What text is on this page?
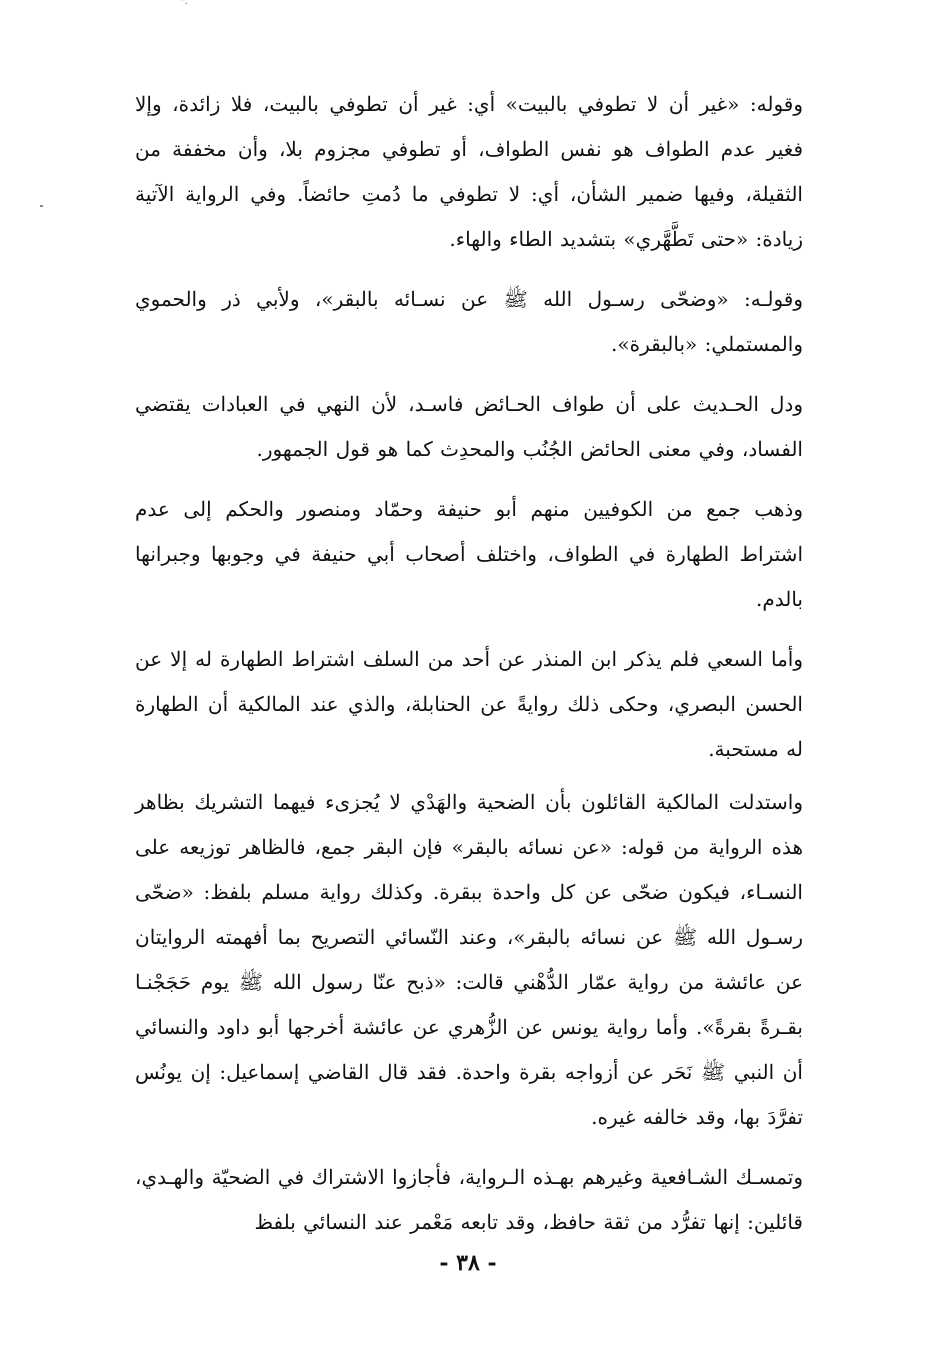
·˙

وقوله: «غير أن لا تطوفي بالبيت» أي: غير أن تطوفي بالبيت، فلا زائدة، وإلا فغير عدم الطواف هو نفس الطواف، أو تطوفي مجزوم بلا، وأن مخففة من الثقيلة، وفيها ضمير الشأن، أي: لا تطوفي ما دُمتِ حائضاً. وفي الرواية الآتية زيادة: «حتى تَطَّهَّري» بتشديد الطاء والهاء.

وقولـه: «وضحّى رسـول الله ﷺ عن نسـائه بالبقر»، ولأبي ذر والحموي والمستملي: «بالبقرة».

ودل الحـديث على أن طواف الحـائض فاسـد، لأن النهي في العبادات يقتضي الفساد، وفي معنى الحائض الجُنُب والمحدِث كما هو قول الجمهور.

وذهب جمع من الكوفيين منهم أبو حنيفة وحمّاد ومنصور والحكم إلى عدم اشتراط الطهارة في الطواف، واختلف أصحاب أبي حنيفة في وجوبها وجبرانها بالدم.

وأما السعي فلم يذكر ابن المنذر عن أحد من السلف اشتراط الطهارة له إلا عن الحسن البصري، وحكى ذلك روايةً عن الحنابلة، والذي عند المالكية أن الطهارة له مستحبة.

واستدلت المالكية القائلون بأن الضحية والهَدْي لا يُجزىء فيهما التشريك بظاهر هذه الرواية من قوله: «عن نسائه بالبقر» فإن البقر جمع، فالظاهر توزيعه على النسـاء، فيكون ضحّى عن كل واحدة ببقرة. وكذلك رواية مسلم بلفظ: «ضحّى رسـول الله ﷺ عن نسائه بالبقر»، وعند النّسائي التصريح بما أفهمته الروايتان عن عائشة من رواية عمّار الدُّهْني قالت: «ذبح عنّا رسول الله ﷺ يوم حَجَجْنـا بقـرةً بقرةً». وأما رواية يونس عن الزُّهري عن عائشة أخرجها أبو داود والنسائي أن النبي ﷺ نَحَر عن أزواجه بقرة واحدة. فقد قال القاضي إسماعيل: إن يونُس تفرَّدَ بها، وقد خالفه غيره.

وتمسـك الشـافعية وغيرهم بهـذه الـرواية، فأجازوا الاشتراك في الضحيّة والهـدي، قائلين: إنها تفرُّد من ثقة حافظ، وقد تابعه مَعْمر عند النسائي بلفظ

- ٣٨ -
